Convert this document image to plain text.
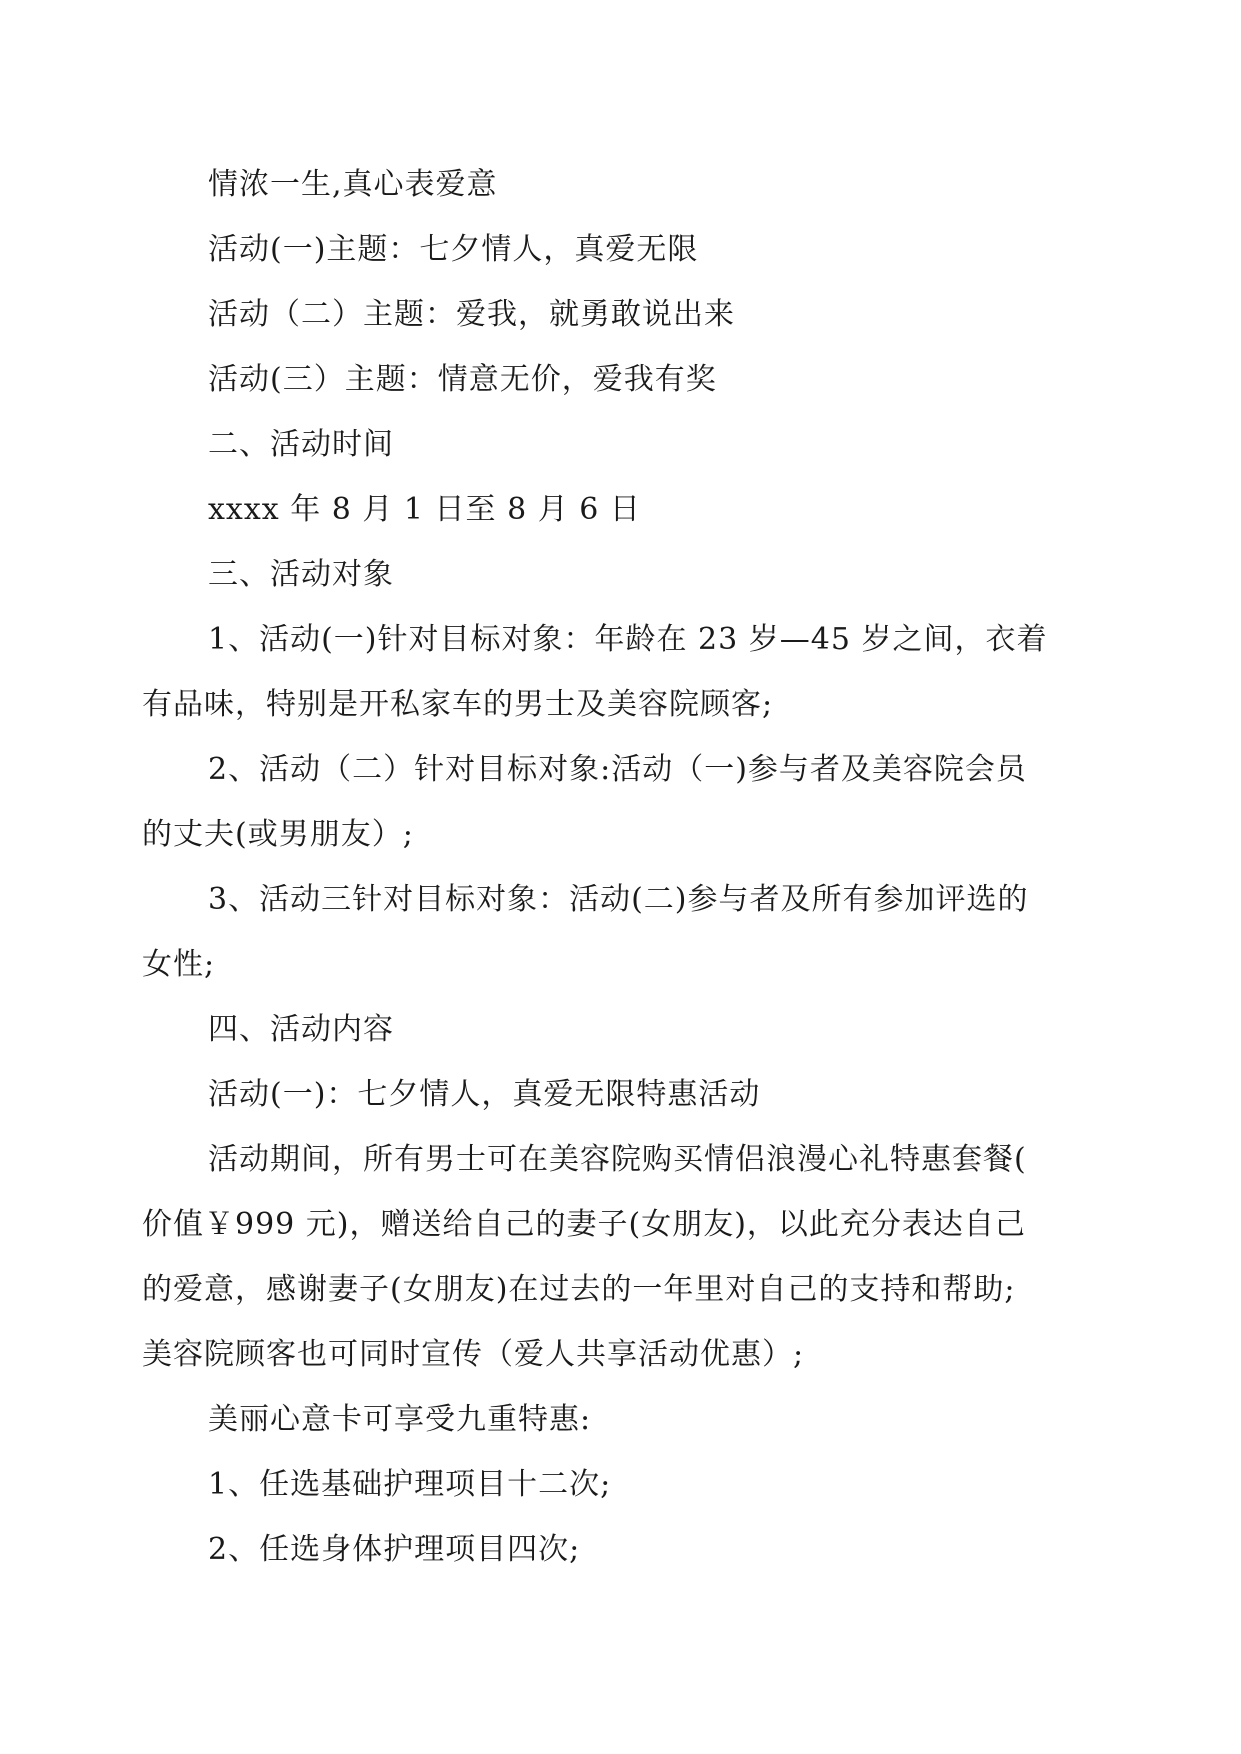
情浓一生,真心表爱意

活动(一)主题：七夕情人，真爱无限

活动（二）主题：爱我，就勇敢说出来

活动(三）主题：情意无价，爱我有奖

二、活动时间

xxxx 年 8 月 1 日至 8 月 6 日

三、活动对象

1、活动(一)针对目标对象：年龄在 23 岁—45 岁之间，衣着
有品味，特别是开私家车的男士及美容院顾客;
2、活动（二）针对目标对象:活动（一)参与者及美容院会员
的丈夫(或男朋友）;
3、活动三针对目标对象：活动(二)参与者及所有参加评选的
女性;

四、活动内容

活动(一)：七夕情人，真爱无限特惠活动

活动期间，所有男士可在美容院购买情侣浪漫心礼特惠套餐(
价值￥999 元)，赠送给自己的妻子(女朋友)，以此充分表达自己
的爱意，感谢妻子(女朋友)在过去的一年里对自己的支持和帮助;
美容院顾客也可同时宣传（爱人共享活动优惠）;

美丽心意卡可享受九重特惠:

1、任选基础护理项目十二次;

2、任选身体护理项目四次;
